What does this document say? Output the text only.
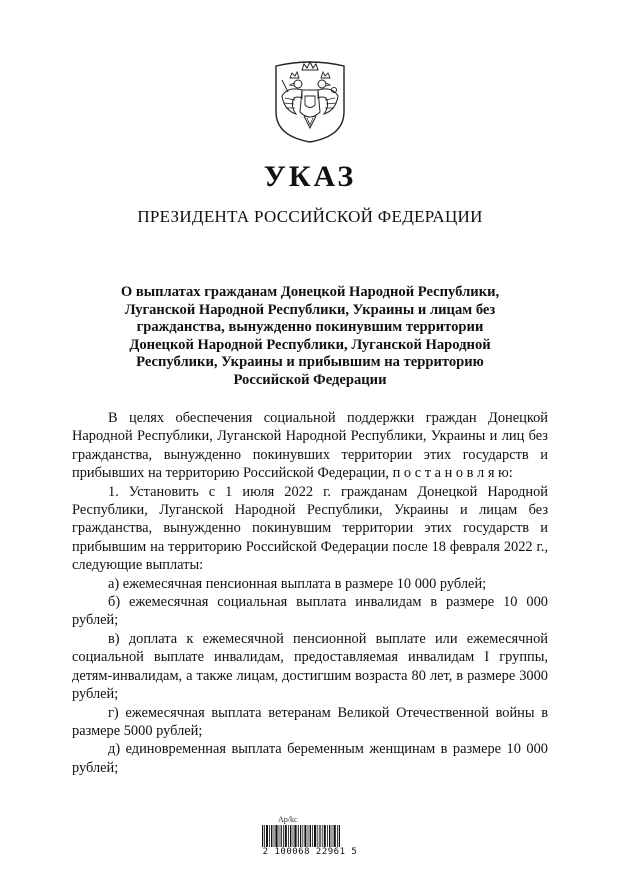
УКАЗ
ПРЕЗИДЕНТА РОССИЙСКОЙ ФЕДЕРАЦИИ
О выплатах гражданам Донецкой Народной Республики,
Луганской Народной Республики, Украины и лицам без
гражданства, вынужденно покинувшим территории
Донецкой Народной Республики, Луганской Народной
Республики, Украины и прибывшим на территорию
Российской Федерации

В целях обеспечения социальной поддержки граждан Донецкой Народной Республики, Луганской Народной Республики, Украины и лиц без гражданства, вынужденно покинувших территории этих государств и прибывших на территорию Российской Федерации, п о с т а н о в л я ю:

1. Установить с 1 июля 2022 г. гражданам Донецкой Народной Республики, Луганской Народной Республики, Украины и лицам без гражданства, вынужденно покинувшим территории этих государств и прибывшим на территорию Российской Федерации после 18 февраля 2022 г., следующие выплаты:

а) ежемесячная пенсионная выплата в размере 10 000 рублей;

б) ежемесячная социальная выплата инвалидам в размере 10 000 рублей;

в) доплата к ежемесячной пенсионной выплате или ежемесячной социальной выплате инвалидам, предоставляемая инвалидам I группы, детям-инвалидам, а также лицам, достигшим возраста 80 лет, в размере 3000 рублей;

г) ежемесячная выплата ветеранам Великой Отечественной войны в размере 5000 рублей;

д) единовременная выплата беременным женщинам в размере 10 000 рублей;

Ap/kc
2 100068 22961 5
